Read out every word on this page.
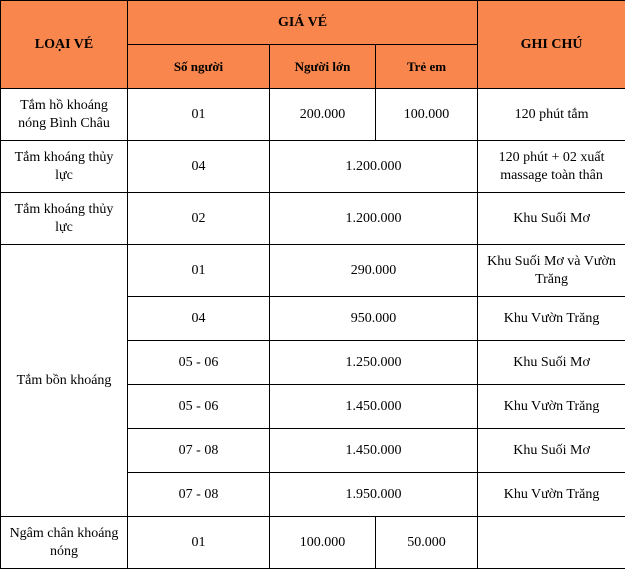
LOẠI VÉ	GIÁ VÉ			GHI CHÚ
	Số người	Người lớn	Trẻ em	
Tắm hồ khoáng nóng Bình Châu	01	200.000	100.000	120 phút tắm
Tắm khoáng thủy lực	04	1.200.000		120 phút + 02 xuất massage toàn thân
Tắm khoáng thủy lực	02	1.200.000		Khu Suối Mơ
Tắm bồn khoáng	01	290.000		Khu Suối Mơ và Vườn Trăng
	04	950.000		Khu Vườn Trăng
	05 - 06	1.250.000		Khu Suối Mơ
	05 - 06	1.450.000		Khu Vườn Trăng
	07 - 08	1.450.000		Khu Suối Mơ
	07 - 08	1.950.000		Khu Vườn Trăng
Ngâm chân khoáng nóng	01	100.000	50.000	
